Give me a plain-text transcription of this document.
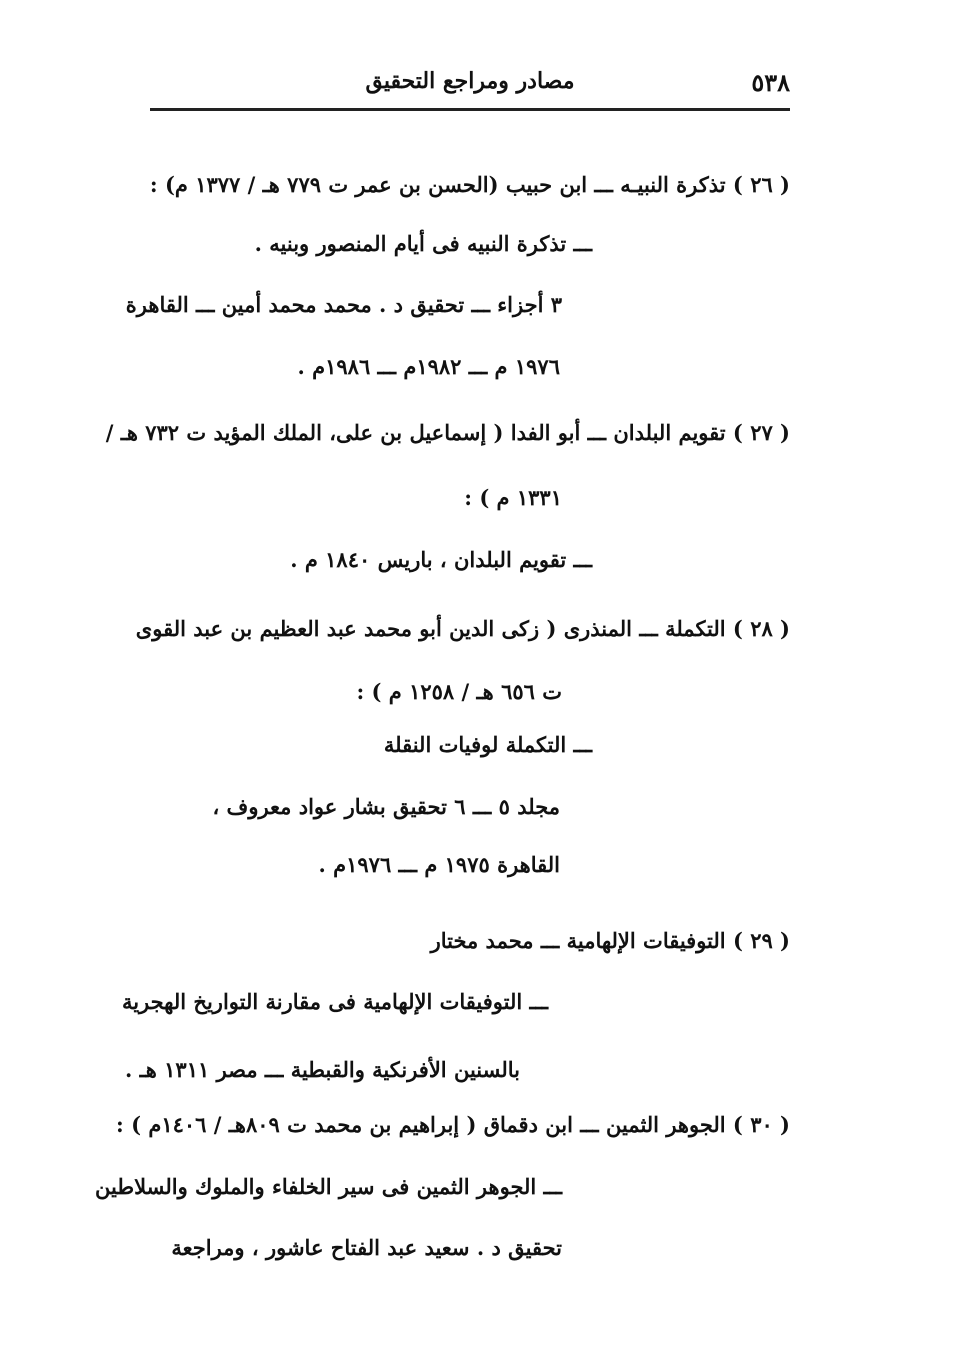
٥٣٨
مصادر ومراجع التحقيق
( ٢٦ ) تذكرة النبيـه ـــ ابن حبيب (الحسن بن عمر ت ٧٧٩ هـ / ١٣٧٧ م) :
ـــ تذكرة النبيه فى أيام المنصور وبنيه .
٣ أجزاء ـــ تحقيق د . محمد محمد أمين ـــ القاهرة
١٩٧٦ م ـــ ١٩٨٢م ـــ ١٩٨٦م .
( ٢٧ ) تقويم البلدان ـــ أبو الفدا ( إسماعيل بن على، الملك المؤيد ت ٧٣٢ هـ /
١٣٣١ م ) :
ـــ تقويم البلدان ، باريس ١٨٤٠ م .
( ٢٨ ) التكملة ـــ المنذرى ( زكى الدين أبو محمد عبد العظيم بن عبد القوى
ت ٦٥٦ هـ / ١٢٥٨ م ) :
ـــ التكملة لوفيات النقلة
مجلد ٥ ـــ ٦ تحقيق بشار عواد معروف ،
القاهرة ١٩٧٥ م ـــ ١٩٧٦م .
( ٢٩ ) التوفيقات الإلهامية ـــ محمد مختار
ـــ التوفيقات الإلهامية فى مقارنة التواريخ الهجرية
بالسنين الأفرنكية والقبطية ـــ مصر ١٣١١ هـ .
( ٣٠ ) الجوهر الثمين ـــ ابن دقماق ( إبراهيم بن محمد ت ٨٠٩هـ / ١٤٠٦م ) :
ـــ الجوهر الثمين فى سير الخلفاء والملوك والسلاطين
تحقيق د . سعيد عبد الفتاح عاشور ، ومراجعة
